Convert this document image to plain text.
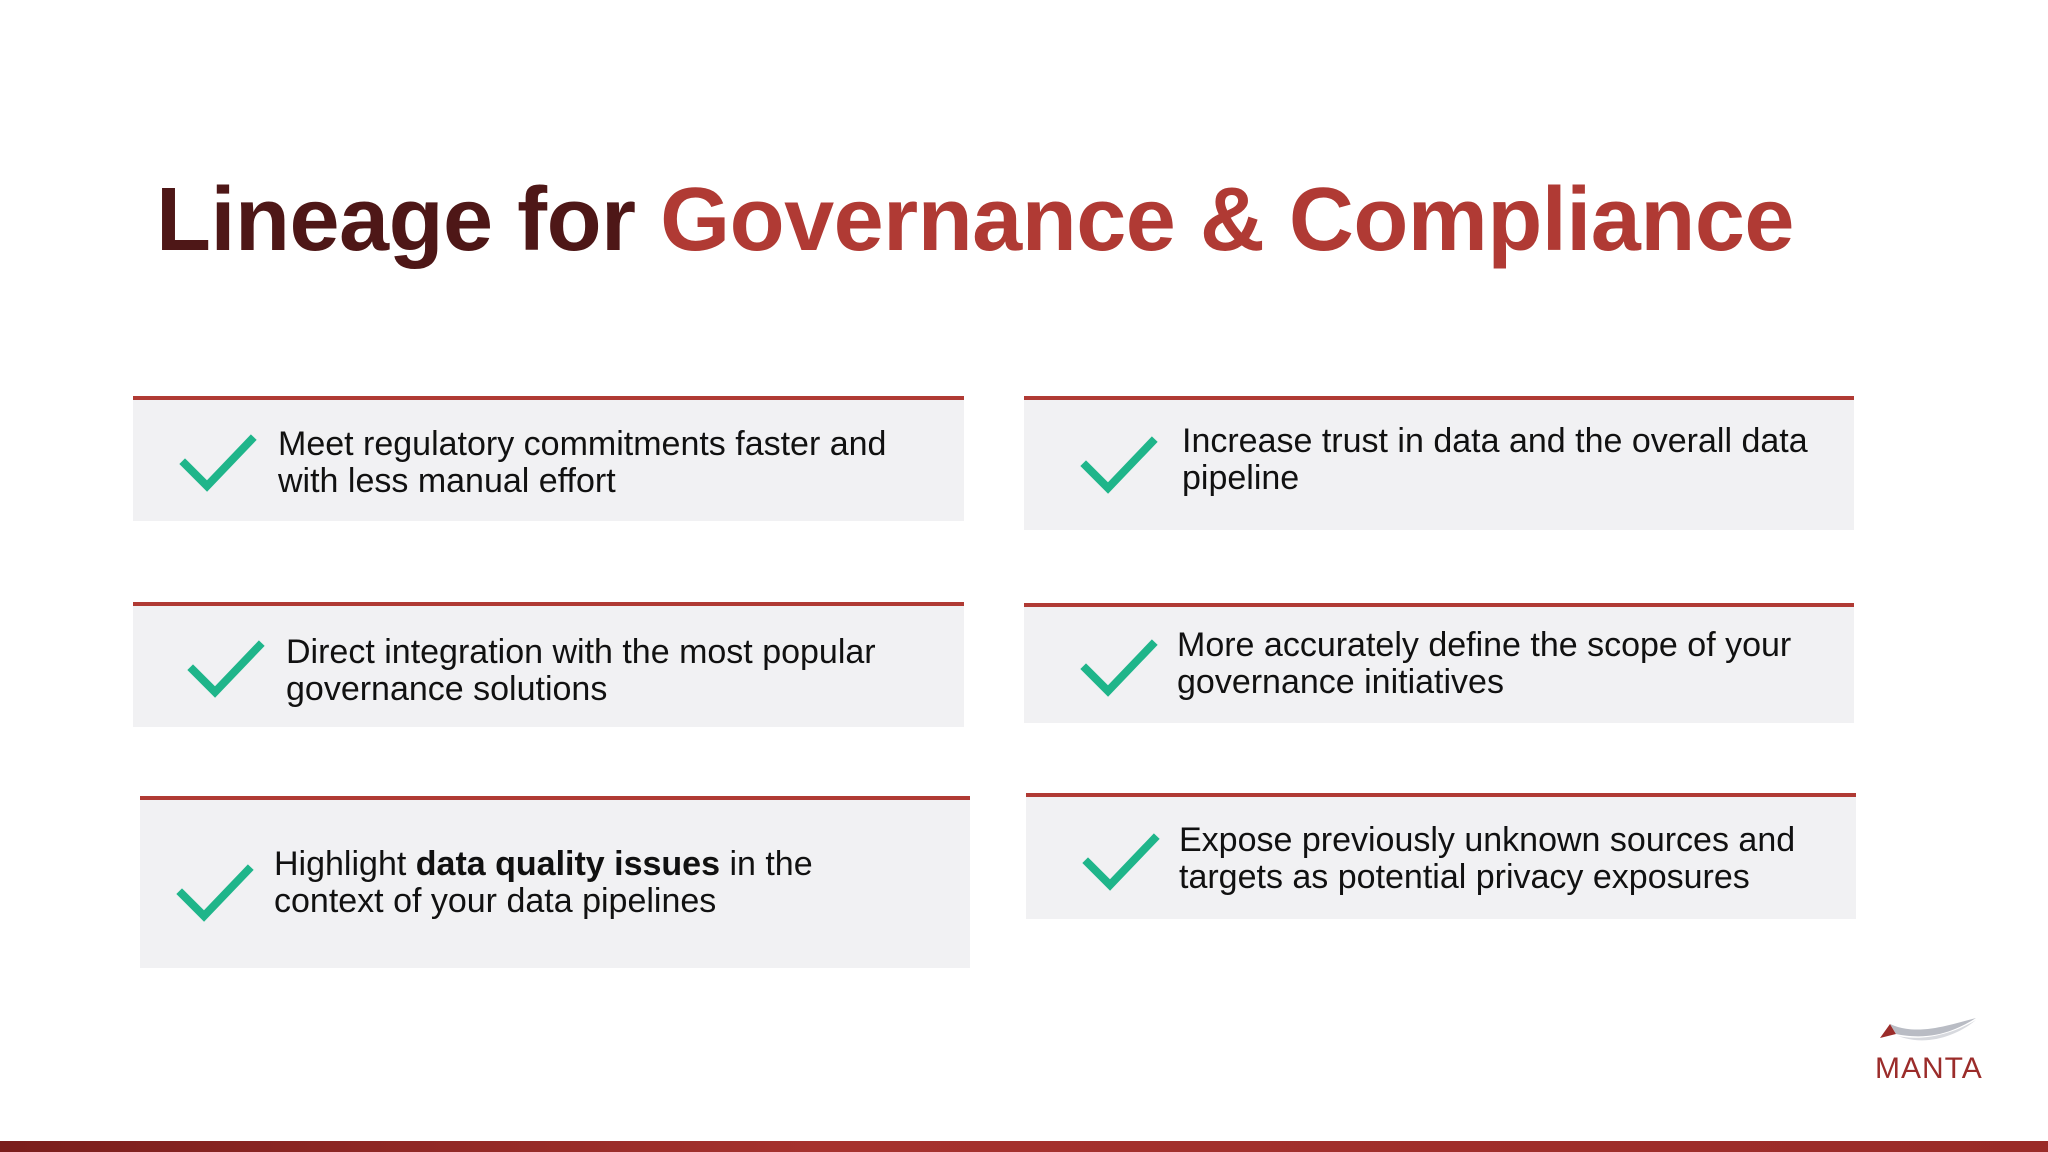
Lineage for Governance & Compliance
Meet regulatory commitments faster and
with less manual effort
Increase trust in data and the overall data
pipeline
Direct integration with the most popular
governance solutions
More accurately define the scope of your
governance initiatives
Highlight data quality issues in the
context of your data pipelines
Expose previously unknown sources and
targets as potential privacy exposures
MANTA
